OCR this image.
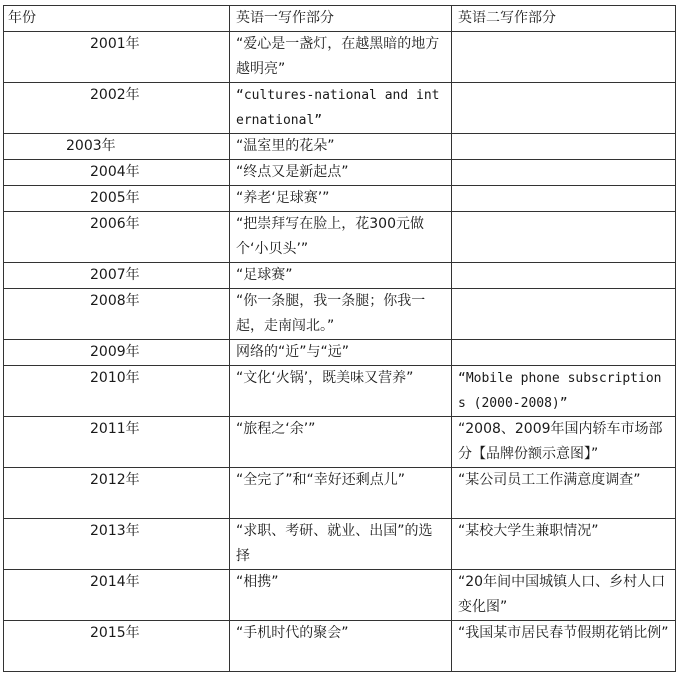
年份	英语一写作部分	英语二写作部分
2001年	“爱心是一盏灯，在越黑暗的地方越明亮”	
2002年	“cultures-national and international”	
2003年	“温室里的花朵”	
2004年	“终点又是新起点”	
2005年	“养老‘足球赛’”	
2006年	“把崇拜写在脸上，花300元做个‘小贝头’”	
2007年	“足球赛”	
2008年	“你一条腿，我一条腿；你我一起，走南闯北。”	
2009年	网络的“近”与“远”	
2010年	“文化‘火锅’，既美味又营养”	“Mobile phone subscriptions (2000-2008)”
2011年	“旅程之‘余’”	“2008、2009年国内轿车市场部分【品牌份额示意图】”
2012年	“全完了”和“幸好还剩点儿”	“某公司员工工作满意度调查”
2013年	“求职、考研、就业、出国”的选择	“某校大学生兼职情况”
2014年	“相携”	“20年间中国城镇人口、乡村人口变化图”
2015年	“手机时代的聚会”	“我国某市居民春节假期花销比例”
